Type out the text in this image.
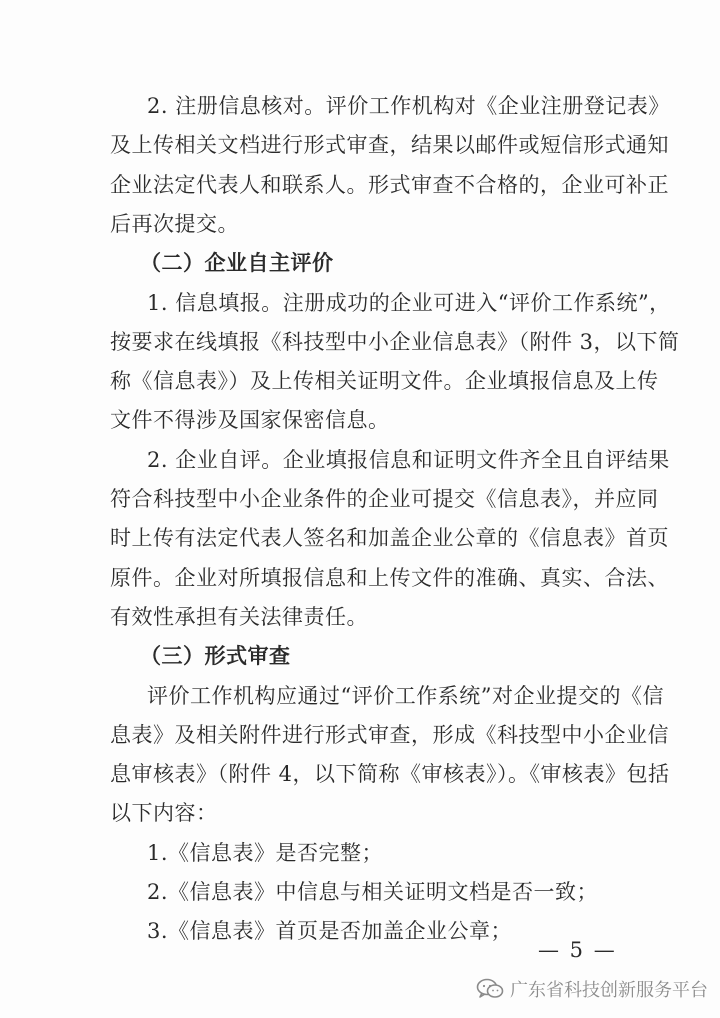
2. 注册信息核对。评价工作机构对《企业注册登记表》
及上传相关文档进行形式审查，结果以邮件或短信形式通知
企业法定代表人和联系人。形式审查不合格的，企业可补正
后再次提交。
（二）企业自主评价
1. 信息填报。注册成功的企业可进入“评价工作系统”，
按要求在线填报《科技型中小企业信息表》（附件 3，以下简
称《信息表》）及上传相关证明文件。企业填报信息及上传
文件不得涉及国家保密信息。
2. 企业自评。企业填报信息和证明文件齐全且自评结果
符合科技型中小企业条件的企业可提交《信息表》，并应同
时上传有法定代表人签名和加盖企业公章的《信息表》首页
原件。企业对所填报信息和上传文件的准确、真实、合法、
有效性承担有关法律责任。
（三）形式审查
评价工作机构应通过“评价工作系统”对企业提交的《信
息表》及相关附件进行形式审查，形成《科技型中小企业信
息审核表》（附件 4，以下简称《审核表》）。《审核表》包括
以下内容：
1.《信息表》是否完整；
2.《信息表》中信息与相关证明文档是否一致；
3.《信息表》首页是否加盖企业公章；
— 5 —
广东省科技创新服务平台
